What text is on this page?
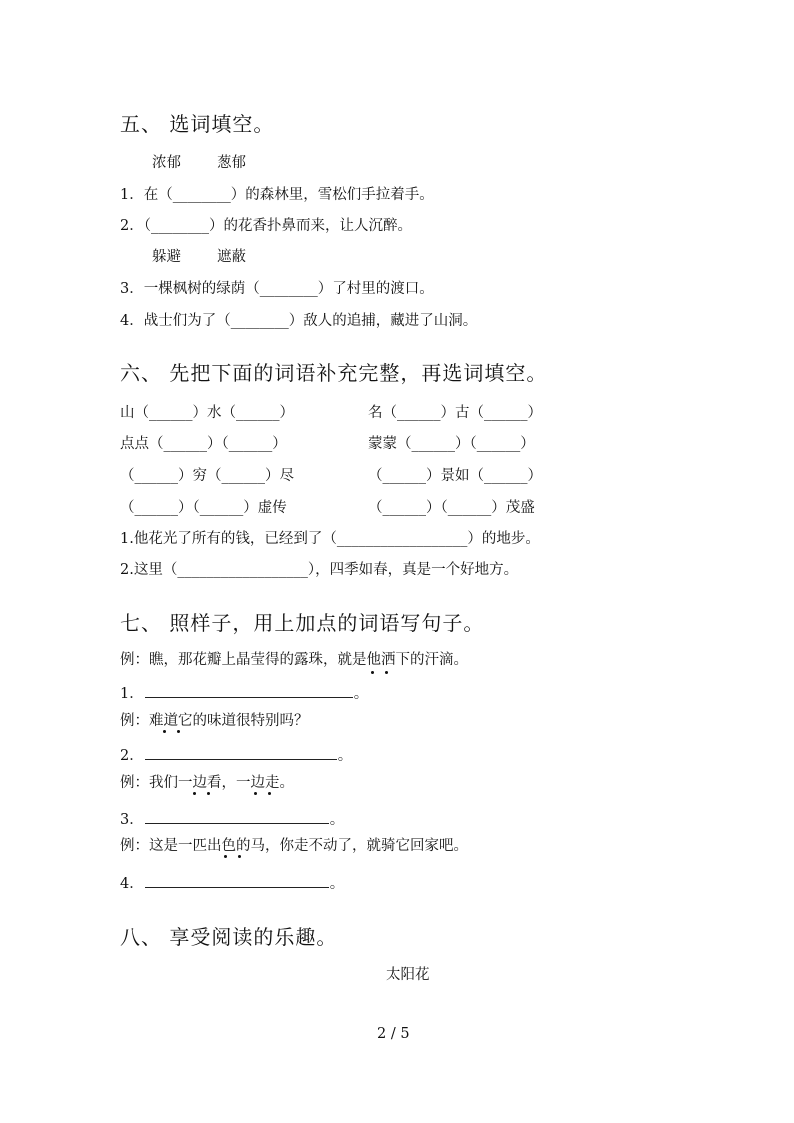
五、 选词填空。
浓郁 葱郁
1．在（________）的森林里，雪松们手拉着手。
2．（________）的花香扑鼻而来，让人沉醉。
躲避 遮蔽
3．一棵枫树的绿荫（________）了村里的渡口。
4．战士们为了（________）敌人的追捕，藏进了山洞。
六、 先把下面的词语补充完整，再选词填空。
山（______）水（______）	名（______）古（______）
点点（______）（______）	蒙蒙（______）（______）
（______）穷（______）尽	（______）景如（______）
（______）（______）虚传	（______）（______）茂盛
1.他花光了所有的钱，已经到了（__________________）的地步。
2.这里（__________________），四季如春，真是一个好地方。
七、 照样子，用上加点的词语写句子。
例：瞧，那花瓣上晶莹得的露珠，就是他洒下的汗滴。
1．	。
例：难道它的味道很特别吗？
2．	。
例：我们一边看，一边走。
3．	。
例：这是一匹出色的马，你走不动了，就骑它回家吧。
4．	。
八、 享受阅读的乐趣。
太阳花
2 / 5
